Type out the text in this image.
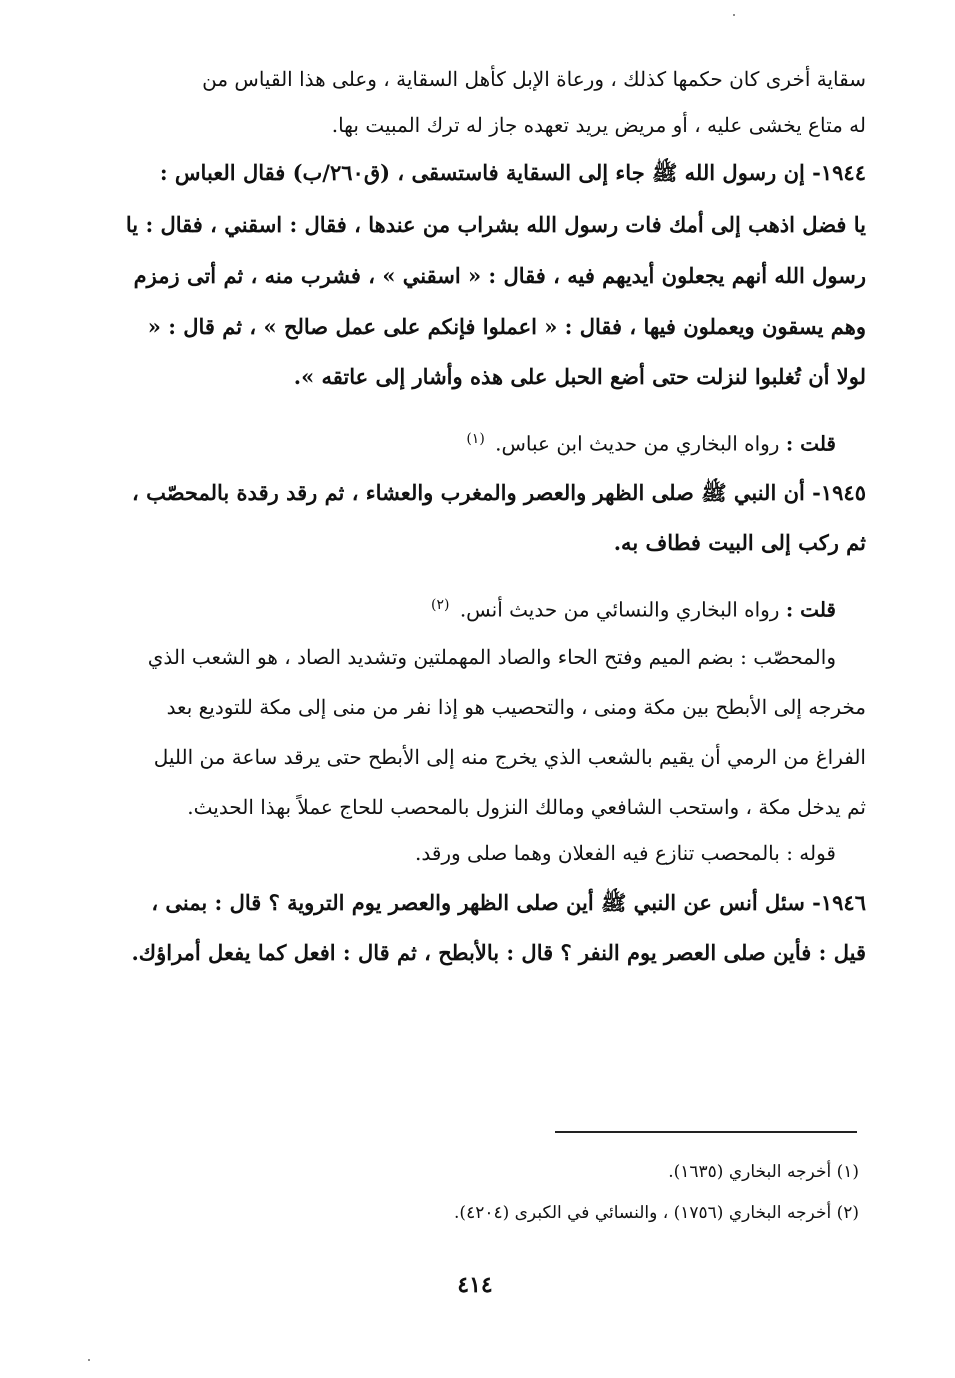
سقاية أخرى كان حكمها كذلك ، ورعاة الإبل كأهل السقاية ، وعلى هذا القياس من
له متاع يخشى عليه ، أو مريض يريد تعهده جاز له ترك المبيت بها.
١٩٤٤- إن رسول الله ﷺ جاء إلى السقاية فاستسقى ، (ق٢٦٠/ب) فقال العباس :
يا فضل اذهب إلى أمك فات رسول الله بشراب من عندها ، فقال : اسقني ، فقال : يا
رسول الله أنهم يجعلون أيديهم فيه ، فقال : « اسقني » ، فشرب منه ، ثم أتى زمزم
وهم يسقون ويعملون فيها ، فقال : « اعملوا فإنكم على عمل صالح » ، ثم قال : «
لولا أن تُغلبوا لنزلت حتى أضع الحبل على هذه وأشار إلى عاتقه ».
قلت : رواه البخاري من حديث ابن عباس. $^{(١)}$
١٩٤٥- أن النبي ﷺ صلى الظهر والعصر والمغرب والعشاء ، ثم رقد رقدة بالمحصّب ،
ثم ركب إلى البيت فطاف به.
قلت : رواه البخاري والنسائي من حديث أنس. $^{(٢)}$
والمحصّب : بضم الميم وفتح الحاء والصاد المهملتين وتشديد الصاد ، هو الشعب الذي
مخرجه إلى الأبطح بين مكة ومنى ، والتحصيب هو إذا نفر من منى إلى مكة للتوديع بعد
الفراغ من الرمي أن يقيم بالشعب الذي يخرج منه إلى الأبطح حتى يرقد ساعة من الليل
ثم يدخل مكة ، واستحب الشافعي ومالك النزول بالمحصب للحاج عملاً بهذا الحديث.
قوله : بالمحصب تنازع فيه الفعلان وهما صلى ورقد.
١٩٤٦- سئل أنس عن النبي ﷺ أين صلى الظهر والعصر يوم التروية ؟ قال : بمنى ،
قيل : فأين صلى العصر يوم النفر ؟ قال : بالأبطح ، ثم قال : افعل كما يفعل أمراؤك.
(١) أخرجه البخاري (١٦٣٥).
(٢) أخرجه البخاري (١٧٥٦) ، والنسائي في الكبرى (٤٢٠٤).
٤١٤
